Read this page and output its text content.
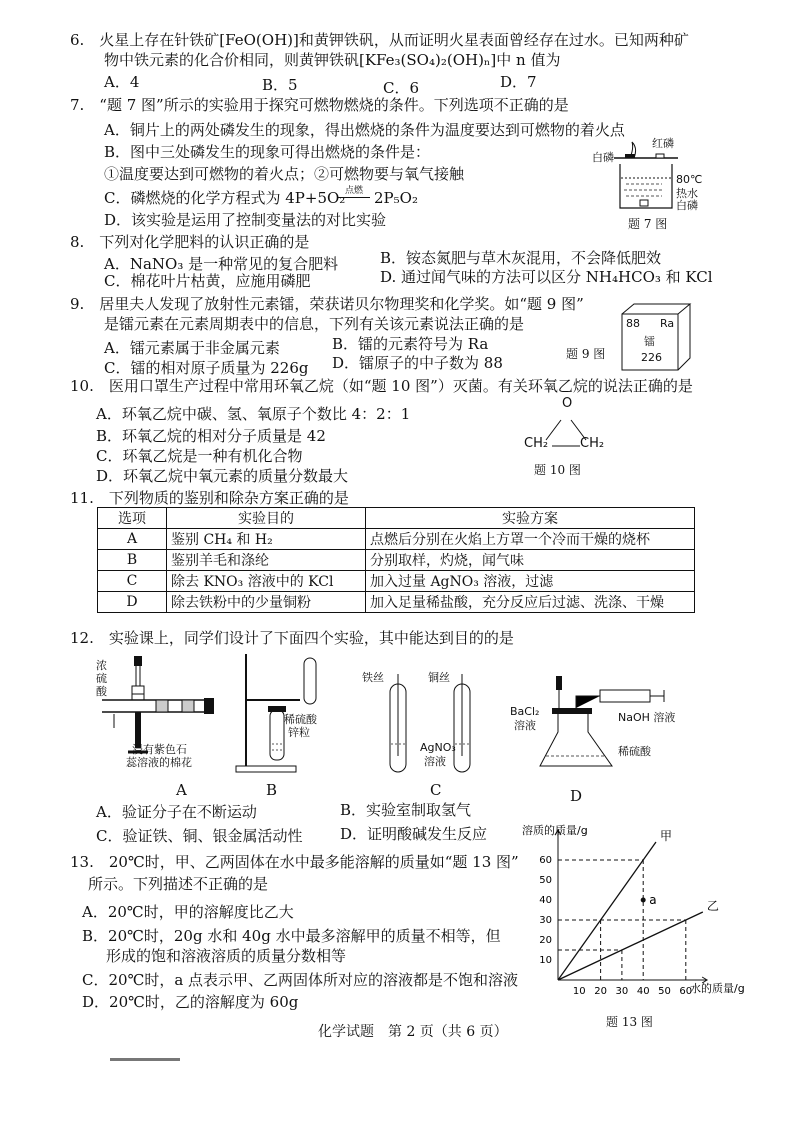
6.　火星上存在针铁矿[FeO(OH)]和黄钾铁矾，从而证明火星表面曾经存在过水。已知两种矿
物中铁元素的化合价相同，则黄钾铁矾[KFe₃(SO₄)₂(OH)ₙ]中 n 值为
A．4	B．5	C．6	D．7
7.　“题 7 图”所示的实验用于探究可燃物燃烧的条件。下列选项不正确的是
A．铜片上的两处磷发生的现象，得出燃烧的条件为温度要达到可燃物的着火点
B．图中三处磷发生的现象可得出燃烧的条件是：
①温度要达到可燃物的着火点；②可燃物要与氧气接触
C．磷燃烧的化学方程式为 4P+5O₂ 点燃 2P₅O₂
D．该实验是运用了控制变量法的对比实验
白磷
红磷
80℃
热水
白磷
题 7 图
8.　下列对化学肥料的认识正确的是
A．NaNO₃ 是一种常见的复合肥料	B．铵态氮肥与草木灰混用，不会降低肥效
C．棉花叶片枯黄，应施用磷肥	D. 通过闻气味的方法可以区分 NH₄HCO₃ 和 KCl
9.　居里夫人发现了放射性元素镭，荣获诺贝尔物理奖和化学奖。如“题 9 图”
是镭元素在元素周期表中的信息，下列有关该元素说法正确的是
A．镭元素属于非金属元素	B．镭的元素符号为 Ra
C．镭的相对原子质量为 226g D．镭原子的中子数为 88
88 Ra
镭
226
题 9 图
10.　医用口罩生产过程中常用环氧乙烷（如“题 10 图”）灭菌。有关环氧乙烷的说法正确的是
A．环氧乙烷中碳、氢、氧原子个数比 4：2：1
B．环氧乙烷的相对分子质量是 42
C．环氧乙烷是一种有机化合物
D．环氧乙烷中氧元素的质量分数最大
O
CH₂ CH₂
题 10 图
11.　下列物质的鉴别和除杂方案正确的是
选项	实验目的	实验方案
A	鉴别 CH₄ 和 H₂	点燃后分别在火焰上方罩一个冷而干燥的烧杯
B	鉴别羊毛和涤纶	分别取样，灼烧，闻气味
C	除去 KNO₃ 溶液中的 KCl	加入过量 AgNO₃ 溶液，过滤
D	除去铁粉中的少量铜粉	加入足量稀盐酸，充分反应后过滤、洗涤、干燥
12.　实验课上，同学们设计了下面四个实验，其中能达到目的的是
浓
硫
酸
浸有紫色石
蕊溶液的棉花
A
稀硫酸
锌粒
B
铁丝	铜丝
AgNO₃
溶液
C
BaCl₂
溶液
NaOH 溶液
稀硫酸
D
A．验证分子在不断运动	B．实验室制取氢气
C．验证铁、铜、银金属活动性	D．证明酸碱发生反应
13.　20℃时，甲、乙两固体在水中最多能溶解的质量如“题 13 图”
所示。下列描述不正确的是
A．20℃时，甲的溶解度比乙大
B．20℃时，20g 水和 40g 水中最多溶解甲的质量不相等，但
形成的饱和溶液溶质的质量分数相等
C．20℃时，a 点表示甲、乙两固体所对应的溶液都是不饱和溶液
D．20℃时，乙的溶解度为 60g
10 20 30 40 50 60
10
20
30
40
50
60
溶质的质量/g
水的质量/g
甲
乙
a
题 13 图
化学试题　第 2 页（共 6 页）
